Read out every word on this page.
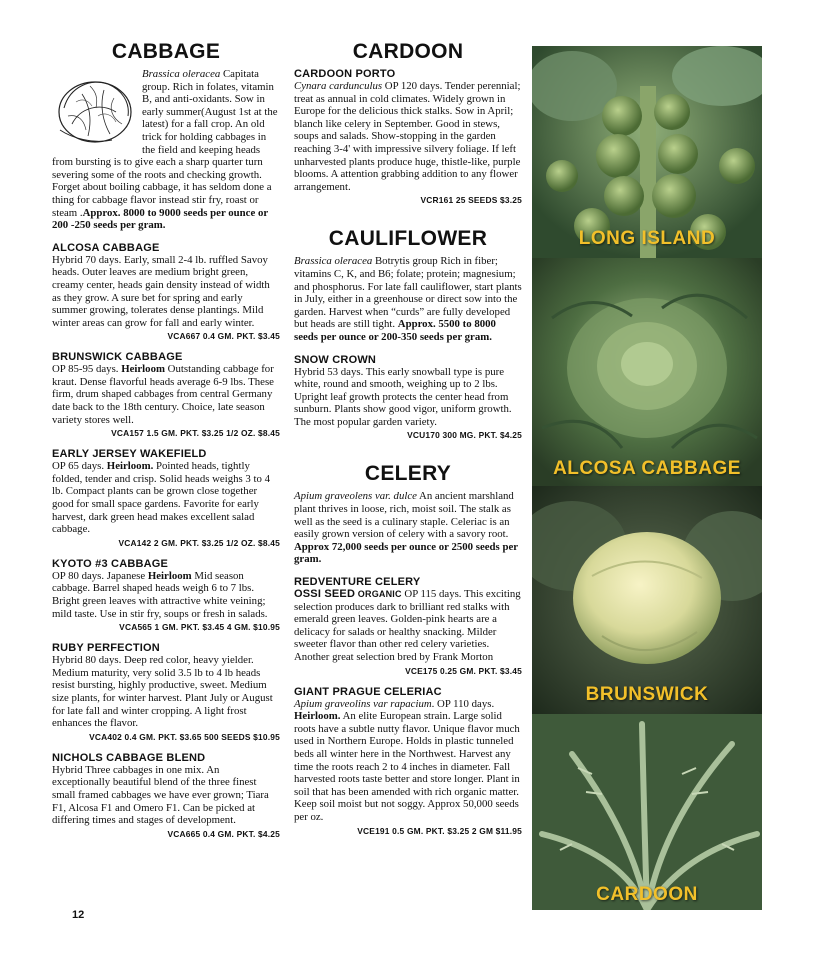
CABBAGE

Brassica oleracea Capitata group. Rich in folates, vitamin B, and anti-oxidants. Sow in early summer(August 1st at the latest) for a fall crop. An old trick for holding cabbages in the field and keeping heads from bursting is to give each a sharp quarter turn severing some of the roots and checking growth. Forget about boiling cabbage, it has seldom done a thing for cabbage flavor instead stir fry, roast or steam .Approx. 8000 to 9000 seeds per ounce or 200 -250 seeds per gram.

ALCOSA CABBAGE

Hybrid 70 days. Early, small 2-4 lb. ruffled Savoy heads. Outer leaves are medium bright green, creamy center, heads gain density instead of width as they grow. A sure bet for spring and early summer growing, tolerates dense plantings. Mild winter areas can grow for fall and early winter.

VCA667 0.4 GM. PKT. $3.45

BRUNSWICK CABBAGE

OP 85-95 days. Heirloom Outstanding cabbage for kraut. Dense flavorful heads average 6-9 lbs. These firm, drum shaped cabbages from central Germany date back to the 18th century. Choice, late season variety stores well.

VCA157 1.5 GM. PKT. $3.25 1/2 OZ. $8.45

EARLY JERSEY WAKEFIELD

OP 65 days. Heirloom. Pointed heads, tightly folded, tender and crisp. Solid heads weighs 3 to 4 lb. Compact plants can be grown close together good for small space gardens. Favorite for early harvest, dark green head makes excellent salad cabbage.

VCA142 2 GM. PKT. $3.25 1/2 OZ. $8.45

KYOTO #3 CABBAGE

OP 80 days. Japanese Heirloom Mid season cabbage. Barrel shaped heads weigh 6 to 7 lbs. Bright green leaves with attractive white veining; mild taste. Use in stir fry, soups or fresh in salads.

VCA565 1 GM. PKT. $3.45 4 GM. $10.95

RUBY PERFECTION

Hybrid 80 days. Deep red color, heavy yielder. Medium maturity, very solid 3.5 lb to 4 lb heads resist bursting, highly productive, sweet. Medium size plants, for winter harvest. Plant July or August for late fall and winter cropping. A light frost enhances the flavor.

VCA402 0.4 GM. PKT. $3.65 500 SEEDS $10.95

NICHOLS CABBAGE BLEND

Hybrid Three cabbages in one mix. An exceptionally beautiful blend of the three finest small framed cabbages we have ever grown; Tiara F1, Alcosa F1 and Omero F1. Can be picked at differing times and stages of development.

VCA665 0.4 GM. PKT. $4.25

CARDOON

CARDOON PORTO

Cynara cardunculus OP 120 days. Tender perennial; treat as annual in cold climates. Widely grown in Europe for the delicious thick stalks. Sow in April; blanch like celery in September. Good in stews, soups and salads. Show-stopping in the garden reaching 3-4' with impressive silvery foliage. If left unharvested plants produce huge, thistle-like, purple blooms. A attention grabbing addition to any flower arrangement.

VCR161 25 SEEDS $3.25

CAULIFLOWER

Brassica oleracea Botrytis group Rich in fiber; vitamins C, K, and B6; folate; protein; magnesium; and phosphorus. For late fall cauliflower, start plants in July, either in a greenhouse or direct sow into the garden. Harvest when “curds” are fully developed but heads are still tight. Approx. 5500 to 8000 seeds per ounce or 200-350 seeds per gram.

SNOW CROWN

Hybrid 53 days. This early snowball type is pure white, round and smooth, weighing up to 2 lbs. Upright leaf growth protects the center head from sunburn. Plants show good vigor, uniform growth. The most popular garden variety.

VCU170 300 MG. PKT. $4.25

CELERY

Apium graveolens var. dulce An ancient marshland plant thrives in loose, rich, moist soil. The stalk as well as the seed is a culinary staple. Celeriac is an easily grown version of celery with a savory root. Approx 72,000 seeds per ounce or 2500 seeds per gram.

REDVENTURE CELERY

OSSI SEED ORGANIC OP 115 days. This exciting selection produces dark to brilliant red stalks with emerald green leaves. Golden-pink hearts are a delicacy for salads or healthy snacking. Milder sweeter flavor than other red celery varieties. Another great selection bred by Frank Morton

VCE175 0.25 GM. PKT. $3.45

GIANT PRAGUE CELERIAC

Apium graveolins var rapacium. OP 110 days. Heirloom. An elite European strain. Large solid roots have a subtle nutty flavor. Unique flavor much used in Northern Europe. Holds in plastic tunneled beds all winter here in the Northwest. Harvest any time the roots reach 2 to 4 inches in diameter. Fall harvested roots taste better and store longer. Plant in soil that has been amended with rich organic matter. Keep soil moist but not soggy. Approx 50,000 seeds per oz.

VCE191 0.5 GM. PKT. $3.25 2 GM $11.95

LONG ISLAND
ALCOSA CABBAGE
BRUNSWICK
CARDOON
12
